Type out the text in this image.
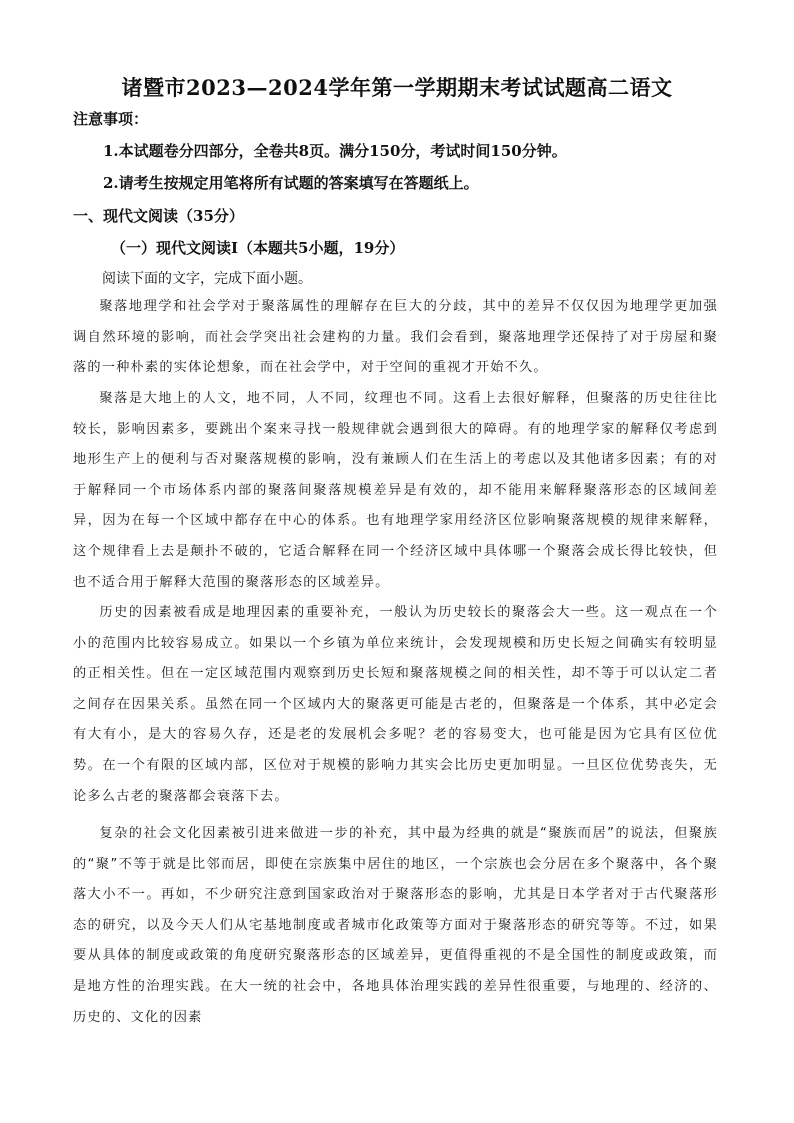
诸暨市2023—2024学年第一学期期末考试试题高二语文

注意事项：

1.本试题卷分四部分，全卷共8页。满分150分，考试时间150分钟。

2.请考生按规定用笔将所有试题的答案填写在答题纸上。

一、现代文阅读（35分）

（一）现代文阅读Ⅰ（本题共5小题，19分）

阅读下面的文字，完成下面小题。

聚落地理学和社会学对于聚落属性的理解存在巨大的分歧，其中的差异不仅仅因为地理学更加强调自然环境的影响，而社会学突出社会建构的力量。我们会看到，聚落地理学还保持了对于房屋和聚落的一种朴素的实体论想象，而在社会学中，对于空间的重视才开始不久。

聚落是大地上的人文，地不同，人不同，纹理也不同。这看上去很好解释，但聚落的历史往往比较长，影响因素多，要跳出个案来寻找一般规律就会遇到很大的障碍。有的地理学家的解释仅考虑到地形生产上的便利与否对聚落规模的影响，没有兼顾人们在生活上的考虑以及其他诸多因素；有的对于解释同一个市场体系内部的聚落间聚落规模差异是有效的，却不能用来解释聚落形态的区域间差异，因为在每一个区域中都存在中心的体系。也有地理学家用经济区位影响聚落规模的规律来解释，这个规律看上去是颠扑不破的，它适合解释在同一个经济区域中具体哪一个聚落会成长得比较快，但也不适合用于解释大范围的聚落形态的区域差异。

历史的因素被看成是地理因素的重要补充，一般认为历史较长的聚落会大一些。这一观点在一个小的范围内比较容易成立。如果以一个乡镇为单位来统计，会发现规模和历史长短之间确实有较明显的正相关性。但在一定区域范围内观察到历史长短和聚落规模之间的相关性，却不等于可以认定二者之间存在因果关系。虽然在同一个区域内大的聚落更可能是古老的，但聚落是一个体系，其中必定会有大有小，是大的容易久存，还是老的发展机会多呢？老的容易变大，也可能是因为它具有区位优势。在一个有限的区域内部，区位对于规模的影响力其实会比历史更加明显。一旦区位优势丧失，无论多么古老的聚落都会衰落下去。

复杂的社会文化因素被引进来做进一步的补充，其中最为经典的就是“聚族而居”的说法，但聚族的“聚”不等于就是比邻而居，即使在宗族集中居住的地区，一个宗族也会分居在多个聚落中，各个聚落大小不一。再如，不少研究注意到国家政治对于聚落形态的影响，尤其是日本学者对于古代聚落形态的研究，以及今天人们从宅基地制度或者城市化政策等方面对于聚落形态的研究等等。不过，如果要从具体的制度或政策的角度研究聚落形态的区域差异，更值得重视的不是全国性的制度或政策，而是地方性的治理实践。在大一统的社会中，各地具体治理实践的差异性很重要，与地理的、经济的、历史的、文化的因素
